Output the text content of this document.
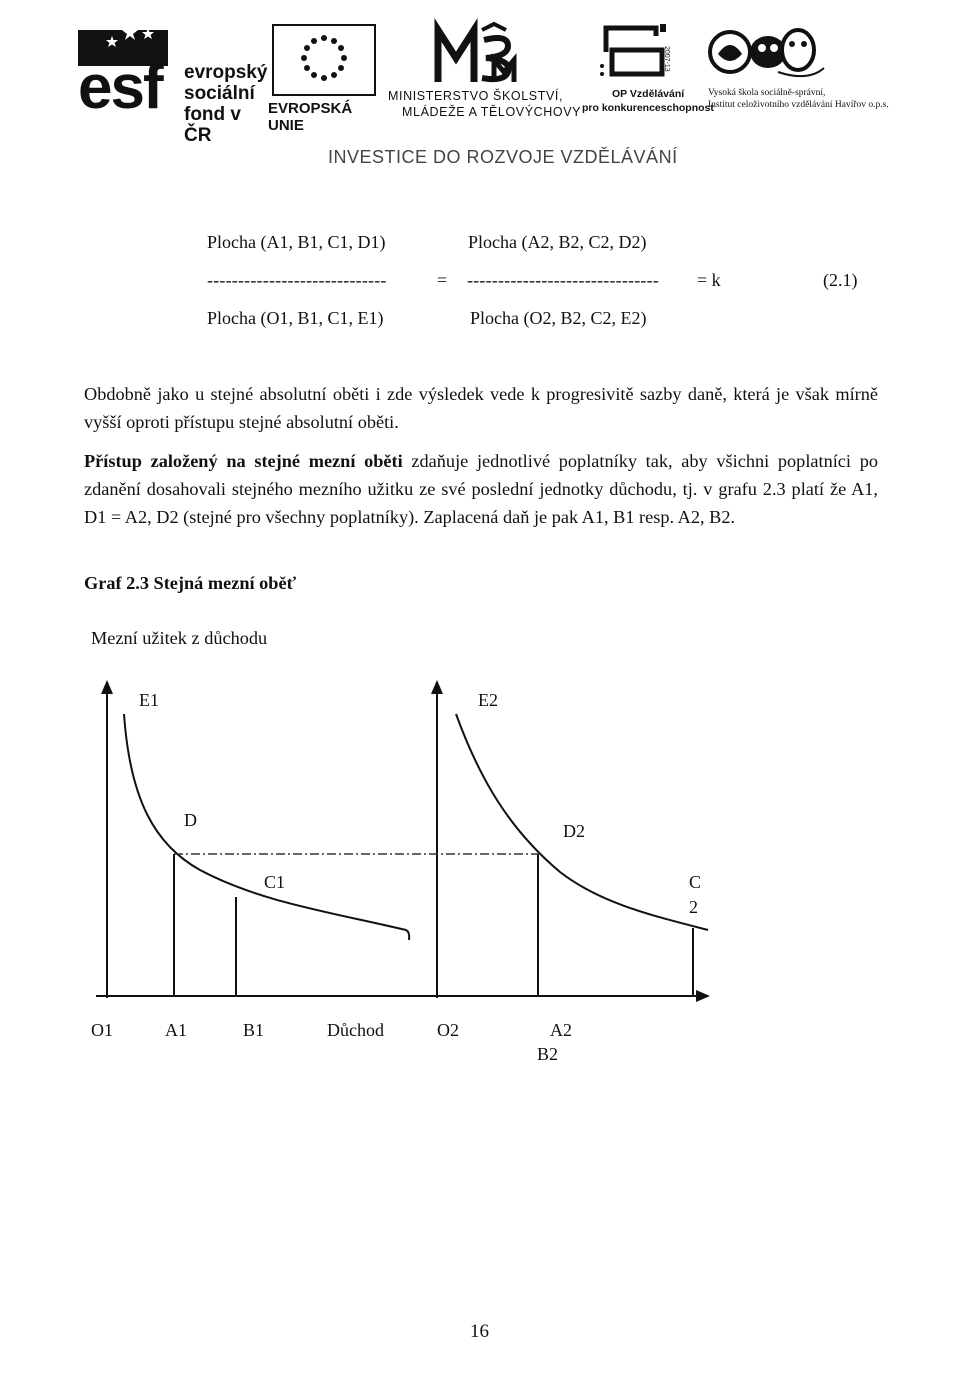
esf evropský
sociální
fond v ČR
EVROPSKÁ UNIE
MINISTERSTVO ŠKOLSTVÍ,
MLÁDEŽE A TĚLOVÝCHOVY
2007-13
OP Vzdělávání
pro konkurenceschopnost
Vysoká škola sociálně-správní,
Institut celoživotního vzdělávání Havířov o.p.s.
INVESTICE DO ROZVOJE VZDĚLÁVÁNÍ
Plocha (A1, B1, C1, D1)	Plocha (A2, B2, C2, D2)
-----------------------------	= ------------------------------- = k	(2.1)
Plocha (O1, B1, C1, E1)	Plocha (O2, B2, C2, E2)
Obdobně jako u stejné absolutní oběti i zde výsledek vede k progresivitě sazby daně, která je však mírně vyšší oproti přístupu stejné absolutní oběti.
Přístup založený na stejné mezní oběti zdaňuje jednotlivé poplatníky tak, aby všichni poplatníci po zdanění dosahovali stejného mezního užitku ze své poslední jednotky důchodu, tj. v grafu 2.3 platí že A1, D1 = A2, D2 (stejné pro všechny poplatníky). Zaplacená daň je pak A1, B1 resp. A2, B2.
Graf 2.3 Stejná mezní oběť
Mezní užitek z důchodu
E1	E2
D
D2
C1	C
2
O1	A1	B1	Důchod	O2	A2
B2
16
